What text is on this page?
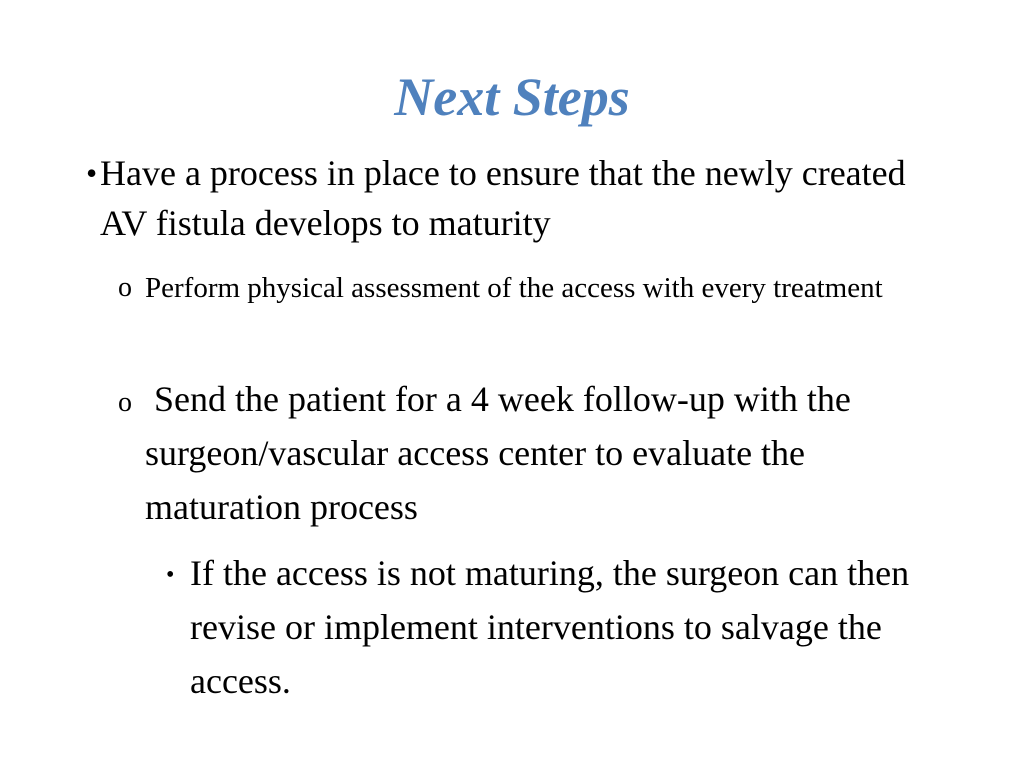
Next Steps
• Have a process in place to ensure that the newly created AV fistula develops to maturity
o Perform physical assessment of the access with every treatment
o Send the patient for a 4 week follow-up with the surgeon/vascular access center to evaluate the maturation process
• If the access is not maturing, the surgeon can then revise or implement interventions to salvage the access.
